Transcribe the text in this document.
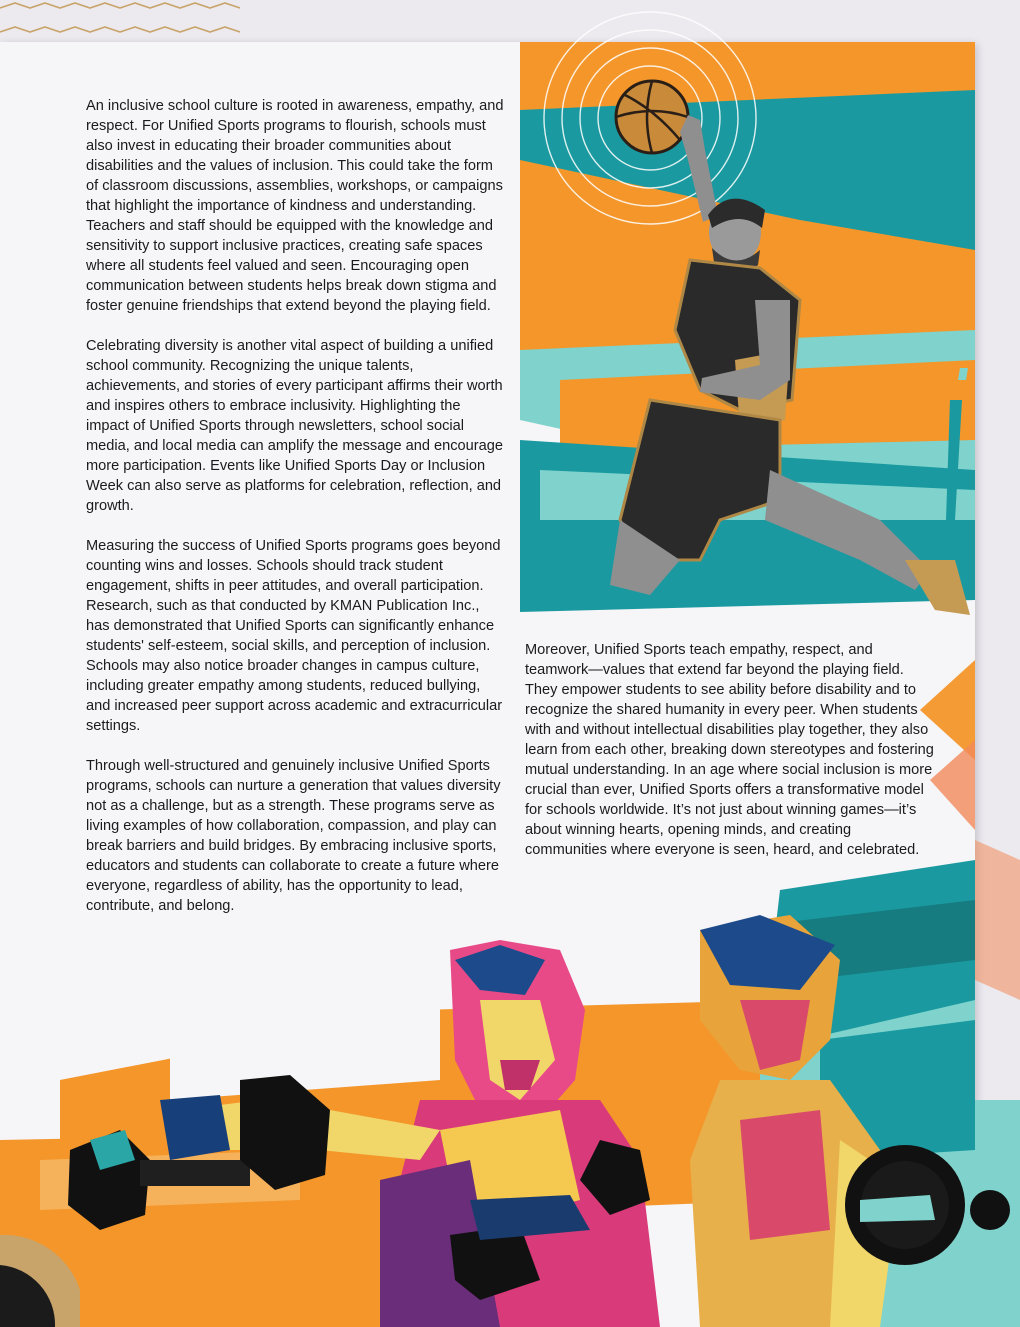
An inclusive school culture is rooted in awareness, empathy, and respect. For Unified Sports programs to flourish, schools must also invest in educating their broader communities about disabilities and the values of inclusion. This could take the form of classroom discussions, assemblies, workshops, or campaigns that highlight the importance of kindness and understanding. Teachers and staff should be equipped with the knowledge and sensitivity to support inclusive practices, creating safe spaces where all students feel valued and seen. Encouraging open communication between students helps break down stigma and foster genuine friendships that extend beyond the playing field.

Celebrating diversity is another vital aspect of building a unified school community. Recognizing the unique talents, achievements, and stories of every participant affirms their worth and inspires others to embrace inclusivity. Highlighting the impact of Unified Sports through newsletters, school social media, and local media can amplify the message and encourage more participation. Events like Unified Sports Day or Inclusion Week can also serve as platforms for celebration, reflection, and growth.

Measuring the success of Unified Sports programs goes beyond counting wins and losses. Schools should track student engagement, shifts in peer attitudes, and overall participation. Research, such as that conducted by KMAN Publication Inc., has demonstrated that Unified Sports can significantly enhance students' self-esteem, social skills, and perception of inclusion. Schools may also notice broader changes in campus culture, including greater empathy among students, reduced bullying, and increased peer support across academic and extracurricular settings.

Through well-structured and genuinely inclusive Unified Sports programs, schools can nurture a generation that values diversity not as a challenge, but as a strength. These programs serve as living examples of how collaboration, compassion, and play can break barriers and build bridges. By embracing inclusive sports, educators and students can collaborate to create a future where everyone, regardless of ability, has the opportunity to lead, contribute, and belong.

Moreover, Unified Sports teach empathy, respect, and teamwork—values that extend far beyond the playing field. They empower students to see ability before disability and to recognize the shared humanity in every peer. When students with and without intellectual disabilities play together, they also learn from each other, breaking down stereotypes and fostering mutual understanding. In an age where social inclusion is more crucial than ever, Unified Sports offers a transformative model for schools worldwide. It’s not just about winning games—it’s about winning hearts, opening minds, and creating communities where everyone is seen, heard, and celebrated.
